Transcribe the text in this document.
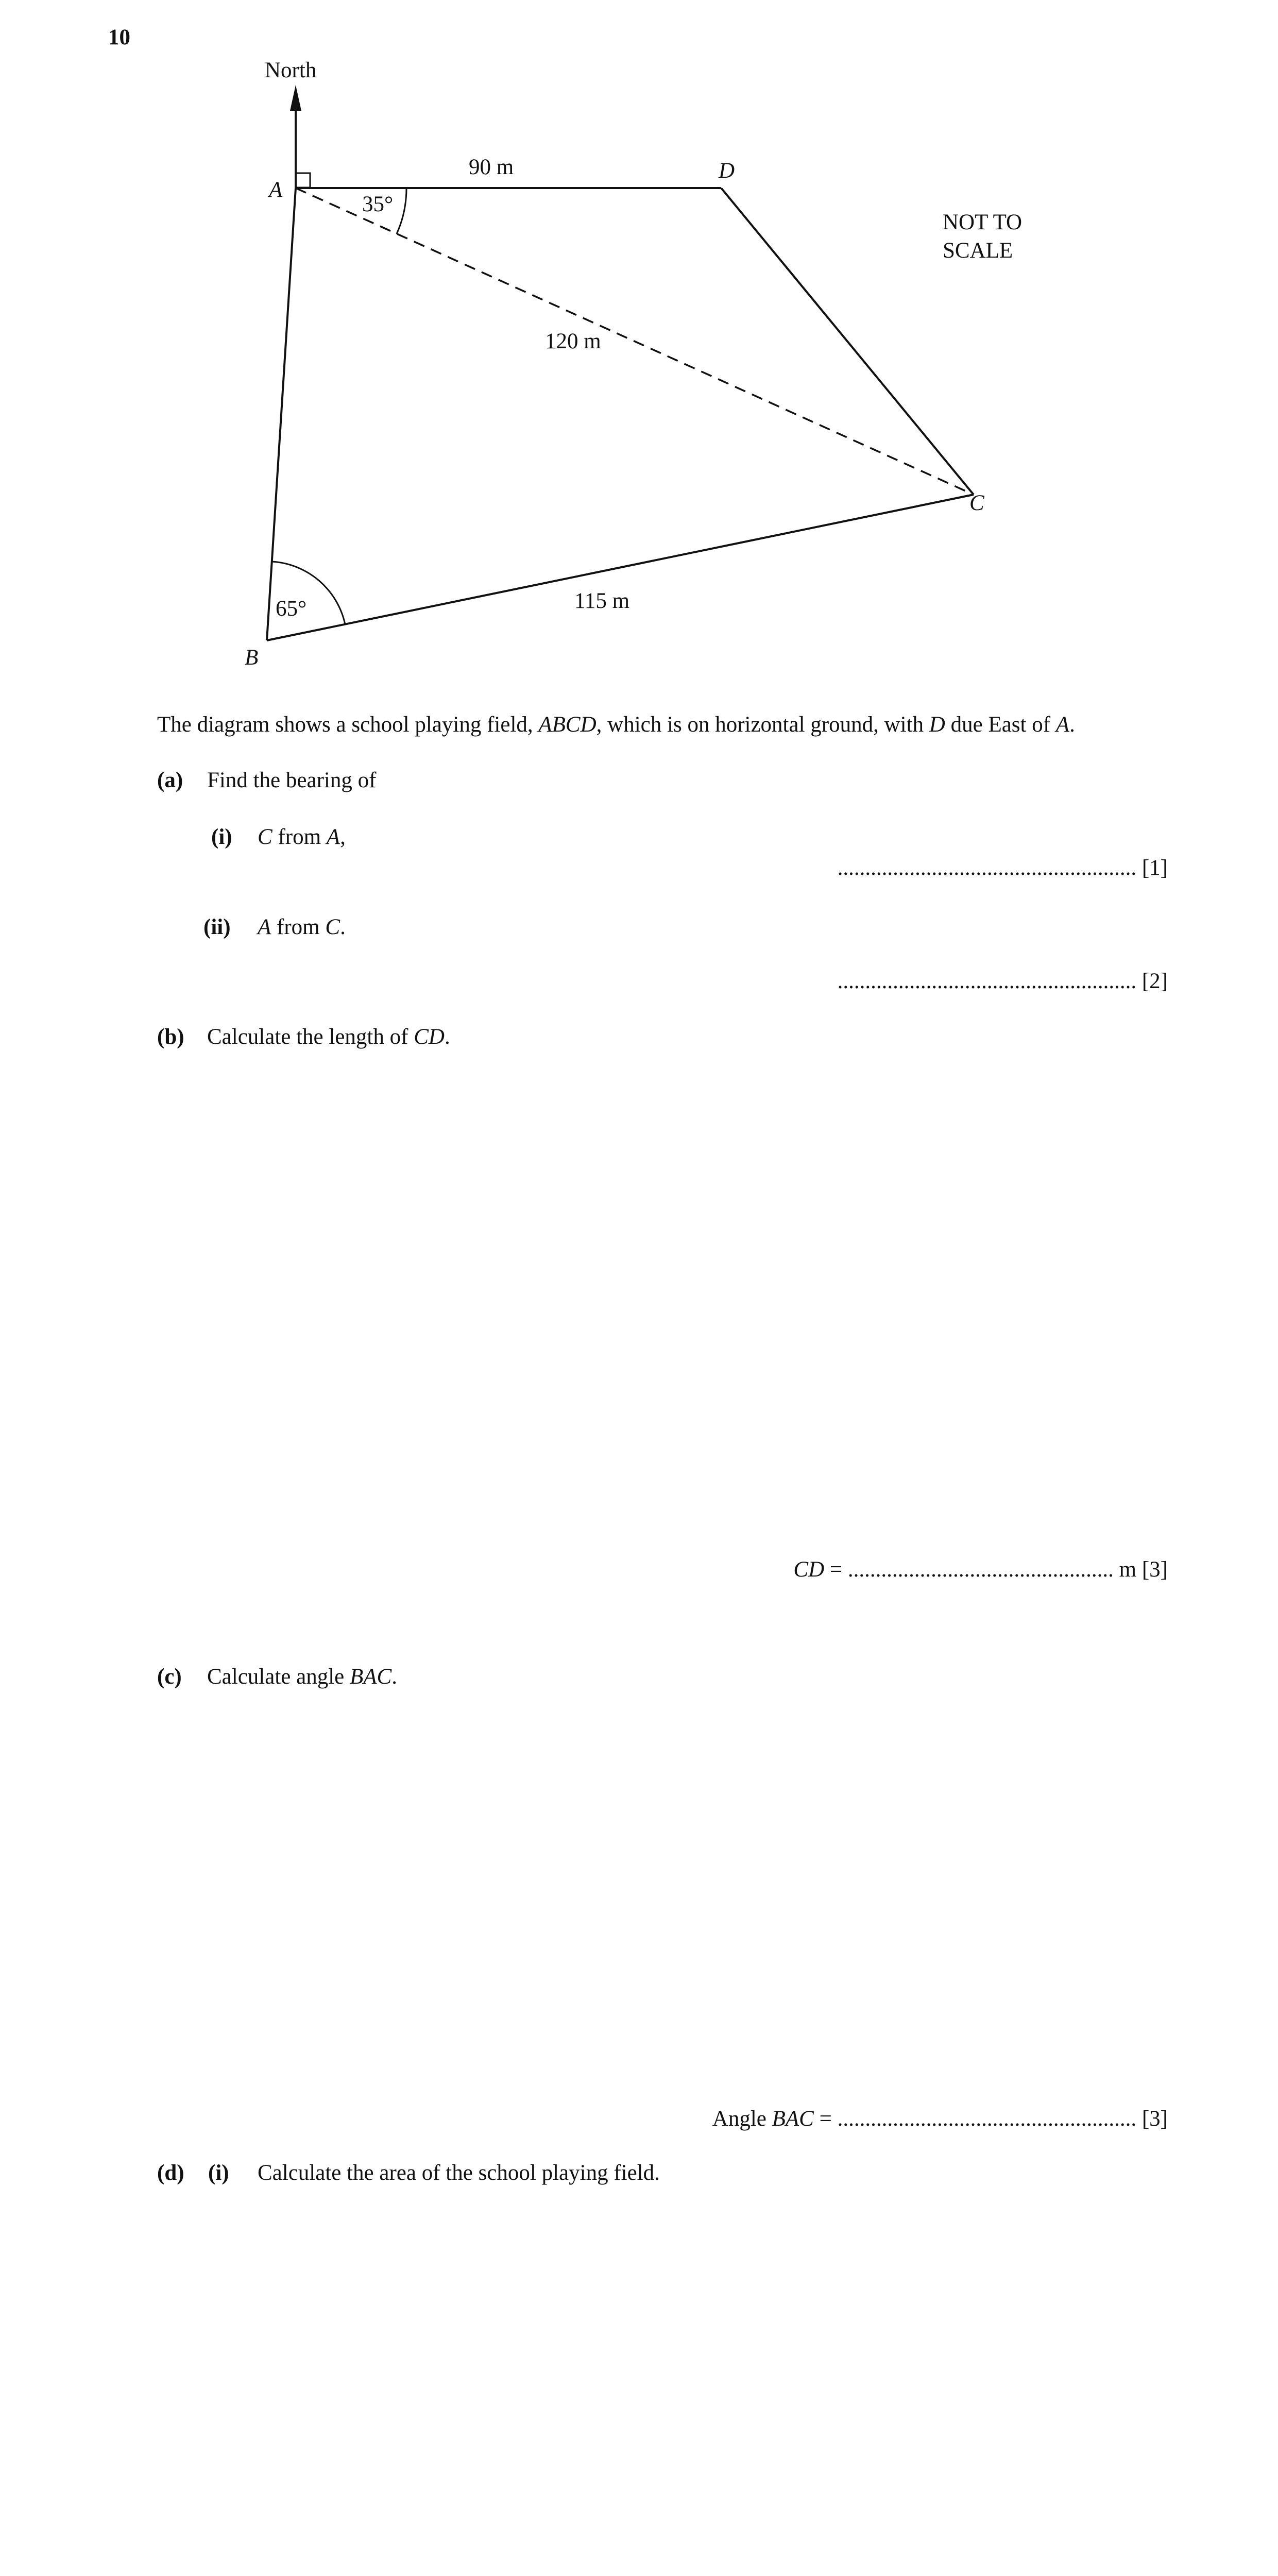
10
North
A
D
C
B
90 m
120 m
115 m
35°
65°
NOT TO
SCALE
The diagram shows a school playing field, ABCD, which is on horizontal ground, with D due East of A.
(a) Find the bearing of
(i) C from A,
...................................................... [1]
(ii) A from C.
...................................................... [2]
(b) Calculate the length of CD.
CD = ................................................ m [3]
(c) Calculate angle BAC.
Angle BAC = ...................................................... [3]
(d) (i) Calculate the area of the school playing field.
